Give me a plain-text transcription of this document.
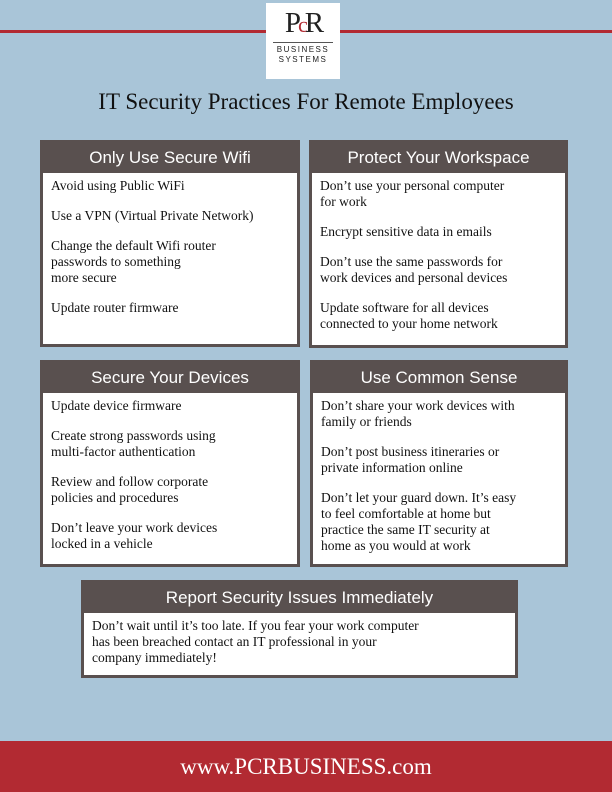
PcR
BUSINESS
SYSTEMS
IT Security Practices For Remote Employees
Only Use Secure Wifi
Avoid using Public WiFi
Use a VPN (Virtual Private Network)
Change the default Wifi router
passwords to something
more secure
Update router firmware
Protect Your Workspace
Don’t use your personal computer
for work
Encrypt sensitive data in emails
Don’t use the same passwords for
work devices and personal devices
Update software for all devices
connected to your home network
Secure Your Devices
Update device firmware
Create strong passwords using
multi-factor authentication
Review and follow corporate
policies and procedures
Don’t leave your work devices
locked in a vehicle
Use Common Sense
Don’t share your work devices with
family or friends
Don’t post business itineraries or
private information online
Don’t let your guard down. It’s easy
to feel comfortable at home but
practice the same IT security at
home as you would at work
Report Security Issues Immediately
Don’t wait until it’s too late. If you fear your work computer
has been breached contact an IT professional in your
company immediately!
www.PCRBUSINESS.com
